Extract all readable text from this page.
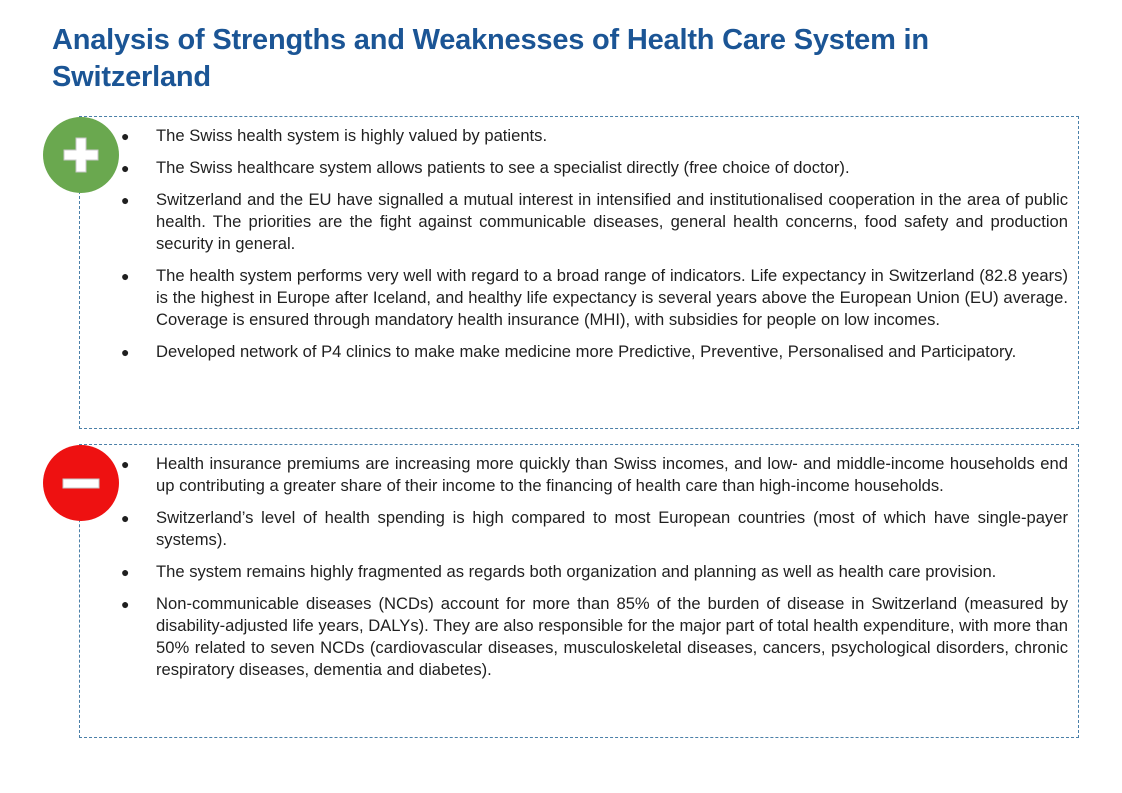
Analysis of Strengths and Weaknesses of Health Care System in Switzerland
● The Swiss health system is highly valued by patients.
● The Swiss healthcare system allows patients to see a specialist directly (free choice of doctor).
● Switzerland and the EU have signalled a mutual interest in intensified and institutionalised cooperation in the area of public health. The priorities are the fight against communicable diseases, general health concerns, food safety and production security in general.
● The health system performs very well with regard to a broad range of indicators. Life expectancy in Switzerland (82.8 years) is the highest in Europe after Iceland, and healthy life expectancy is several years above the European Union (EU) average. Coverage is ensured through mandatory health insurance (MHI), with subsidies for people on low incomes.
● Developed network of P4 clinics to make make medicine more Predictive, Preventive, Personalised and Participatory.
● Health insurance premiums are increasing more quickly than Swiss incomes, and low- and middle-income households end up contributing a greater share of their income to the financing of health care than high-income households.
● Switzerland’s level of health spending is high compared to most European countries (most of which have single-payer systems).
● The system remains highly fragmented as regards both organization and planning as well as health care provision.
● Non-communicable diseases (NCDs) account for more than 85% of the burden of disease in Switzerland (measured by disability-adjusted life years, DALYs). They are also responsible for the major part of total health expenditure, with more than 50% related to seven NCDs (cardiovascular diseases, musculoskeletal diseases, cancers, psychological disorders, chronic respiratory diseases, dementia and diabetes).
